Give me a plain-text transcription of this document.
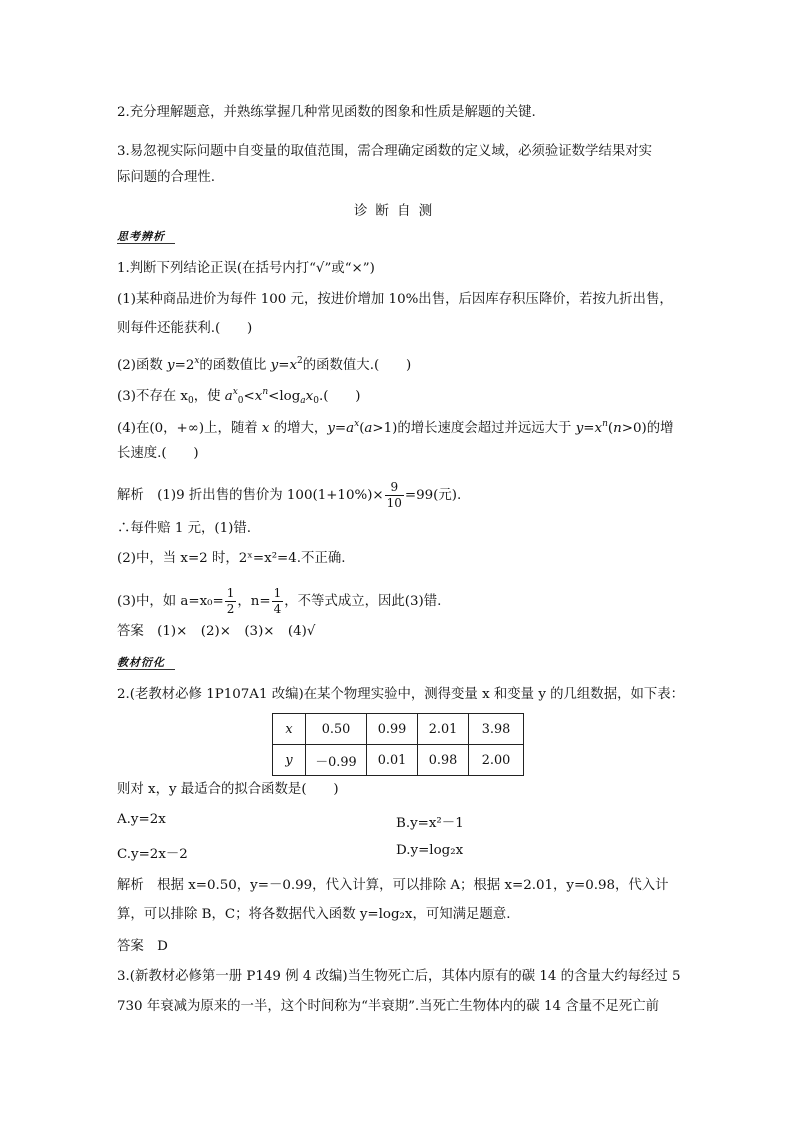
2.充分理解题意，并熟练掌握几种常见函数的图象和性质是解题的关键.
3.易忽视实际问题中自变量的取值范围，需合理确定函数的定义域，必须验证数学结果对实
际问题的合理性.
诊断自测
思考辨析
1.判断下列结论正误(在括号内打“√”或“×”)
(1)某种商品进价为每件 100 元，按进价增加 10%出售，后因库存积压降价，若按九折出售，
则每件还能获利.(　　)
(2)函数 $y=2^x$的函数值比 $y=x^2$的函数值大.(　　)
(3)不存在 $x_0$，使 $a^x_0<x^n<\log_ax_0$.(　　)
(4)在(0，+∞)上，随着 x 的增大，$y=a^x(a>1)$的增长速度会超过并远远大于 $y=x^n(n>0)$的增
长速度.(　　)
解析　(1)9 折出售的售价为 $100(1+10\%)\times \frac{9}{10} =99$(元).
∴每件赔 1 元，(1)错.
(2)中，当 x=2 时，2ˣ=x²=4.不正确.
(3)中，如 $a=x_0= \frac{1}{2}$ ，$n= \frac{1}{4}$ ，不等式成立，因此(3)错.
答案　(1)×　(2)×　(3)×　(4)√
教材衍化
2.(老教材必修 1P107A1 改编)在某个物理实验中，测得变量 x 和变量 y 的几组数据，如下表：
x	0.50	0.99	2.01	3.98
y	－0.99	0.01	0.98	2.00
则对 x，y 最适合的拟合函数是(　　)
A.y=2x	B.y=x²－1
C.y=2x－2	D.y=log₂x
解析　根据 x=0.50，y=－0.99，代入计算，可以排除 A；根据 x=2.01，y=0.98，代入计
算，可以排除 B，C；将各数据代入函数 y=log₂x，可知满足题意.
答案　D
3.(新教材必修第一册 P149 例 4 改编)当生物死亡后，其体内原有的碳 14 的含量大约每经过 5
730 年衰减为原来的一半，这个时间称为“半衰期”.当死亡生物体内的碳 14 含量不足死亡前
